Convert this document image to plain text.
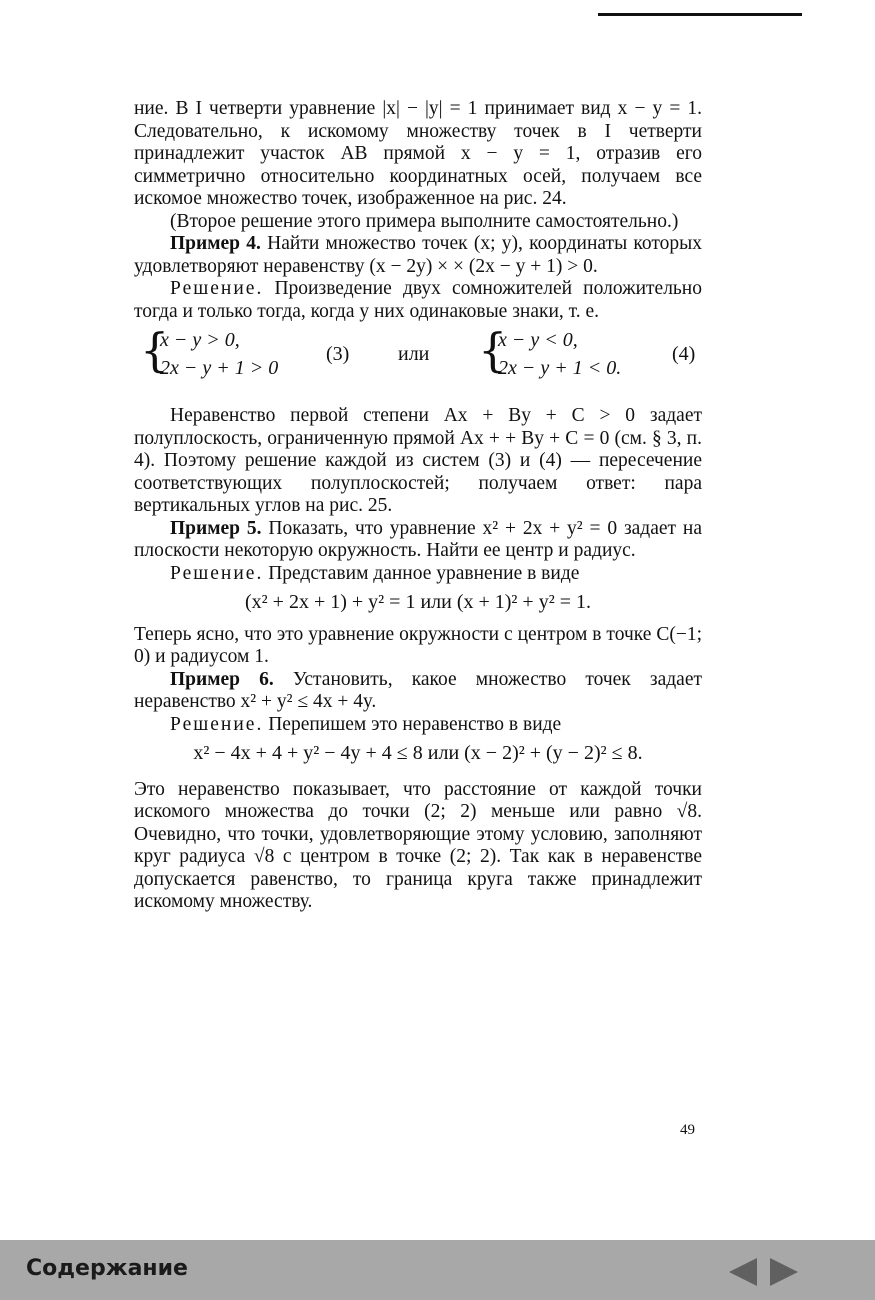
ние. В I четверти уравнение |x| − |y| = 1 принимает вид x − y = 1. Следовательно, к искомому множеству точек в I четверти принадлежит участок AB прямой x − y = 1, отразив его симметрично относительно координатных осей, получаем все искомое множество точек, изображенное на рис. 24.

(Второе решение этого примера выполните самостоятельно.)

Пример 4. Найти множество точек (x; y), координаты которых удовлетворяют неравенству (x − 2y) × × (2x − y + 1) > 0.

Решение. Произведение двух сомножителей положительно тогда и только тогда, когда у них одинаковые знаки, т. е.

{
x − y > 0,
2x − y + 1 > 0
(3) или {
x − y < 0,
2x − y + 1 < 0.
(4)

Неравенство первой степени Ax + By + C > 0 задает полуплоскость, ограниченную прямой Ax + + By + C = 0 (см. § 3, п. 4). Поэтому решение каждой из систем (3) и (4) — пересечение соответствующих полуплоскостей; получаем ответ: пара вертикальных углов на рис. 25.

Пример 5. Показать, что уравнение x² + 2x + y² = 0 задает на плоскости некоторую окружность. Найти ее центр и радиус.

Решение. Представим данное уравнение в виде

(x² + 2x + 1) + y² = 1 или (x + 1)² + y² = 1.

Теперь ясно, что это уравнение окружности с центром в точке C(−1; 0) и радиусом 1.

Пример 6. Установить, какое множество точек задает неравенство x² + y² ≤ 4x + 4y.

Решение. Перепишем это неравенство в виде

x² − 4x + 4 + y² − 4y + 4 ≤ 8 или (x − 2)² + (y − 2)² ≤ 8.

Это неравенство показывает, что расстояние от каждой точки искомого множества до точки (2; 2) меньше или равно √8. Очевидно, что точки, удовлетворяющие этому условию, заполняют круг радиуса √8 с центром в точке (2; 2). Так как в неравенстве допускается равенство, то граница круга также принадлежит искомому множеству.

49
Содержание
